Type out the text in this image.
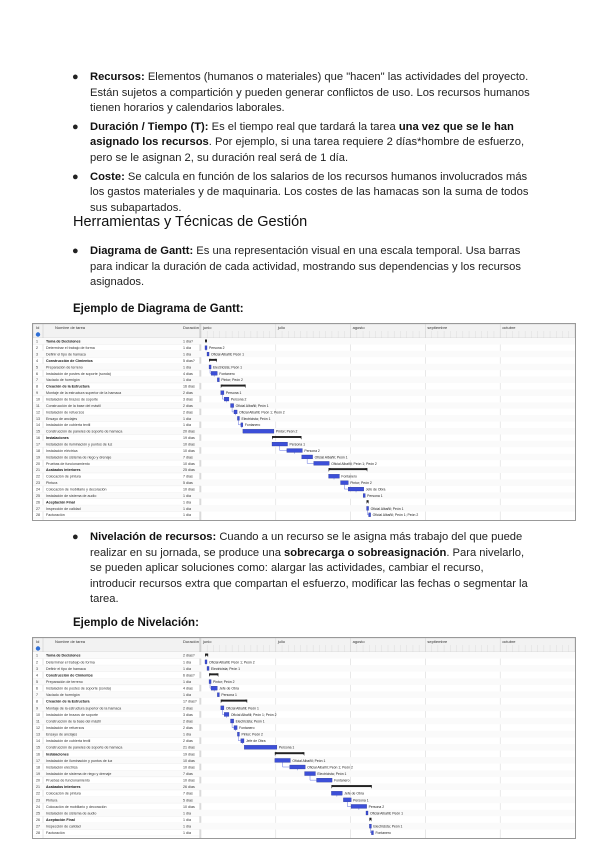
● Recursos: Elementos (humanos o materiales) que "hacen" las actividades del proyecto. Están sujetos a compartición y pueden generar conflictos de uso. Los recursos humanos tienen horarios y calendarios laborales.
● Duración / Tiempo (T): Es el tiempo real que tardará la tarea una vez que se le han asignado los recursos. Por ejemplo, si una tarea requiere 2 días*hombre de esfuerzo, pero se le asignan 2, su duración real será de 1 día.
● Coste: Se calcula en función de los salarios de los recursos humanos involucrados más los gastos materiales y de maquinaria. Los costes de las hamacas son la suma de todos sus subapartados.
Herramientas y Técnicas de Gestión
● Diagrama de Gantt: Es una representación visual en una escala temporal. Usa barras para indicar la duración de cada actividad, mostrando sus dependencias y los recursos asignados.
Ejemplo de Diagrama de Gantt:
Id	Nombre de tarea	Duración junio	julio	agosto	septiembre	octubre
1 Toma de Decisiones	1 día?
2 Determinar el trabajo de forma	1 día	Persona 2
3 Definir el tipo de hamaca	1 día	Oficial Albañil; Peón 1
4 Construcción de Cimientos	5 días?
5 Preparación de terreno	1 día	Electricista; Peón 1
6 Instalación de postes de soporte (sonda)	4 días	Fontanero
7 Vaciado de hormigón	1 día	Pintor; Peón 2
8 Creación de la Estructura	16 días
9 Montaje de la estructura superior de la hamaca	2 días	Persona 1
10 Instalación de brazos de soporte	3 días	Persona 2
11 Construcción de la base del mástil	2 días	Oficial Albañil; Peón 1
12 Instalación de refuerzos	2 días	Oficial Albañil; Peón 1; Peón 2
13 Ensayo de anclajes	1 día	Electricista; Peón 1
14 Instalación de cubierta textil	1 día	Fontanero
15 Construcción de paneles de soporte de hamaca	20 días	Pintor; Peón 2
16 Instalaciones	19 días
17 Instalación de iluminación y puntos de luz	10 días	Persona 1
18 Instalación eléctrica	10 días	Persona 2
19 Instalación de sistema de riego y drenaje	7 días	Oficial Albañil; Peón 1
20 Pruebas de funcionamiento	10 días	Oficial Albañil; Peón 1; Peón 2
21 Acabados interiores	25 días
22 Colocación de pintura	7 días	Fontanero
23 Pintura	5 días	Pintor; Peón 2
24 Colocación de mobiliario y decoración	10 días	Jefe de Obra
25 Instalación de sistema de audio	1 día	Persona 1
26 Aceptación Final	1 día
27 Inspección de calidad	1 día	Oficial Albañil; Peón 1
28 Facturación	1 día	Oficial Albañil; Peón 1; Peón 2
● Nivelación de recursos: Cuando a un recurso se le asigna más trabajo del que puede realizar en su jornada, se produce una sobrecarga o sobreasignación. Para nivelarlo, se pueden aplicar soluciones como: alargar las actividades, cambiar el recurso, introducir recursos extra que compartan el esfuerzo, modificar las fechas o segmentar la tarea.
Ejemplo de Nivelación:
Id	Nombre de tarea	Duración junio	julio	agosto	septiembre	octubre
1 Toma de Decisiones	2 días?
2 Determinar el trabajo de forma	1 día	Oficial Albañil; Peón 1; Peón 2
3 Definir el tipo de hamaca	1 día	Electricista; Peón 1
4 Construcción de Cimientos	6 días?
5 Preparación de terreno	1 día	Pintor; Peón 2
6 Instalación de postes de soporte (sonda)	4 días	Jefe de Obra
7 Vaciado de hormigón	1 día	Persona 1
8 Creación de la Estructura	17 días?
9 Montaje de la estructura superior de la hamaca	2 días	Oficial Albañil; Peón 1
10 Instalación de brazos de soporte	3 días	Oficial Albañil; Peón 1; Peón 2
11 Construcción de la base del mástil	2 días	Electricista; Peón 1
12 Instalación de refuerzos	2 días	Fontanero
13 Ensayo de anclajes	1 día	Pintor; Peón 2
14 Instalación de cubierta textil	2 días	Jefe de Obra
15 Construcción de paneles de soporte de hamaca	21 días	Persona 1
16 Instalaciones	19 días
17 Instalación de iluminación y puntos de luz	10 días	Oficial Albañil; Peón 1
18 Instalación eléctrica	10 días	Oficial Albañil; Peón 1; Peón 2
19 Instalación de sistema de riego y drenaje	7 días	Electricista; Peón 1
20 Pruebas de funcionamiento	10 días	Fontanero
21 Acabados interiores	26 días
22 Colocación de pintura	7 días	Jefe de Obra
23 Pintura	5 días	Persona 1
24 Colocación de mobiliario y decoración	10 días	Persona 2
25 Instalación de sistema de audio	1 día	Oficial Albañil; Peón 1
26 Aceptación Final	1 día
27 Inspección de calidad	1 día	Electricista; Peón 1
28 Facturación	1 día	Fontanero
